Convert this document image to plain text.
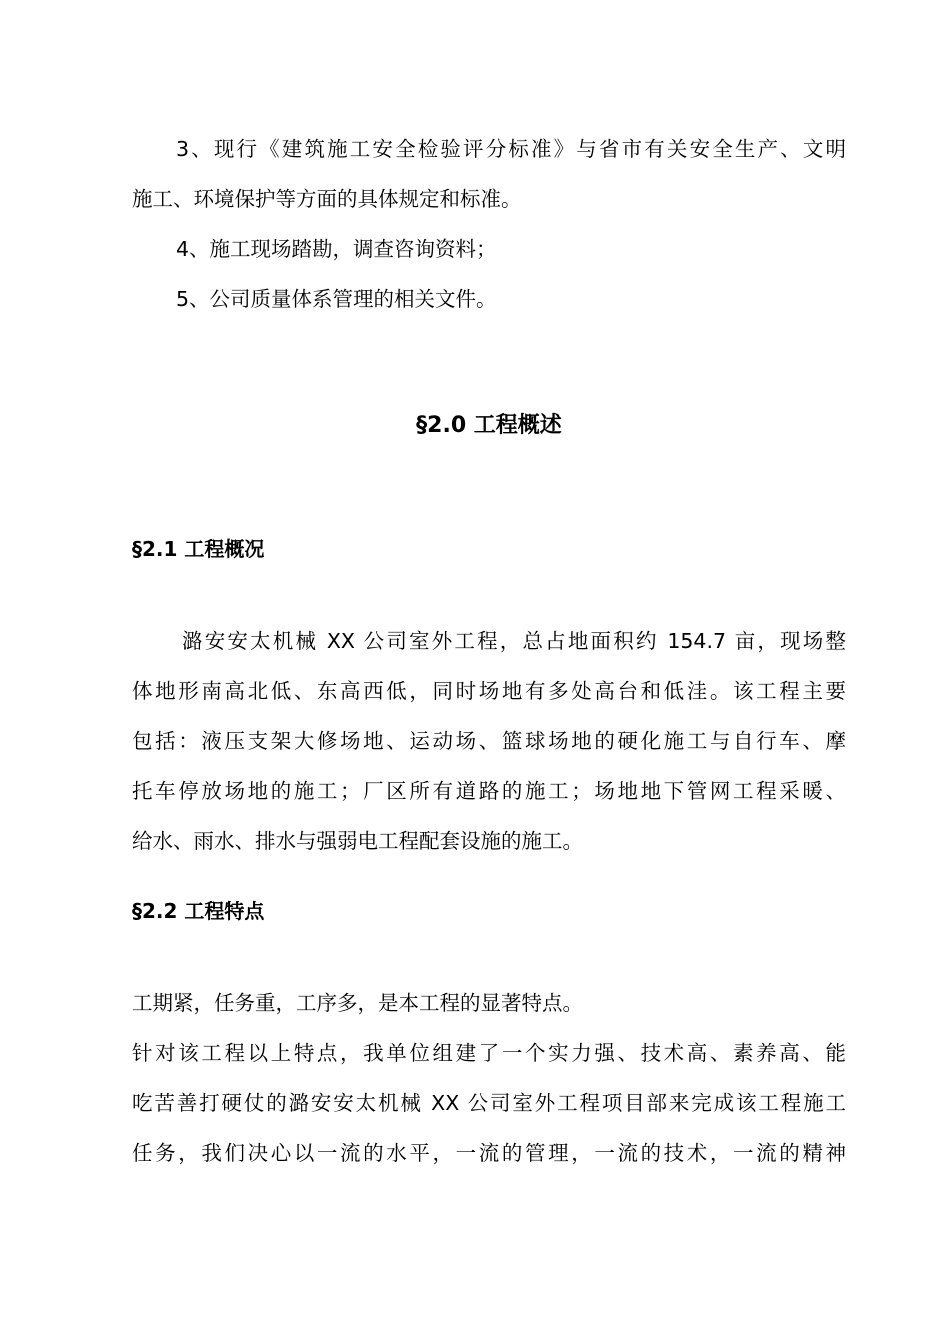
3、现行《建筑施工安全检验评分标准》与省市有关安全生产、文明
施工、环境保护等方面的具体规定和标准。
4、施工现场踏勘，调查咨询资料；
5、公司质量体系管理的相关文件。
§2.0 工程概述
§2.1 工程概况
潞安安太机械 XX 公司室外工程，总占地面积约 154.7 亩，现场整
体地形南高北低、东高西低，同时场地有多处高台和低洼。该工程主要
包括：液压支架大修场地、运动场、篮球场地的硬化施工与自行车、摩
托车停放场地的施工；厂区所有道路的施工；场地地下管网工程采暖、
给水、雨水、排水与强弱电工程配套设施的施工。
§2.2 工程特点
工期紧，任务重，工序多，是本工程的显著特点。
针对该工程以上特点，我单位组建了一个实力强、技术高、素养高、能
吃苦善打硬仗的潞安安太机械 XX 公司室外工程项目部来完成该工程施工
任务，我们决心以一流的水平，一流的管理，一流的技术，一流的精神
